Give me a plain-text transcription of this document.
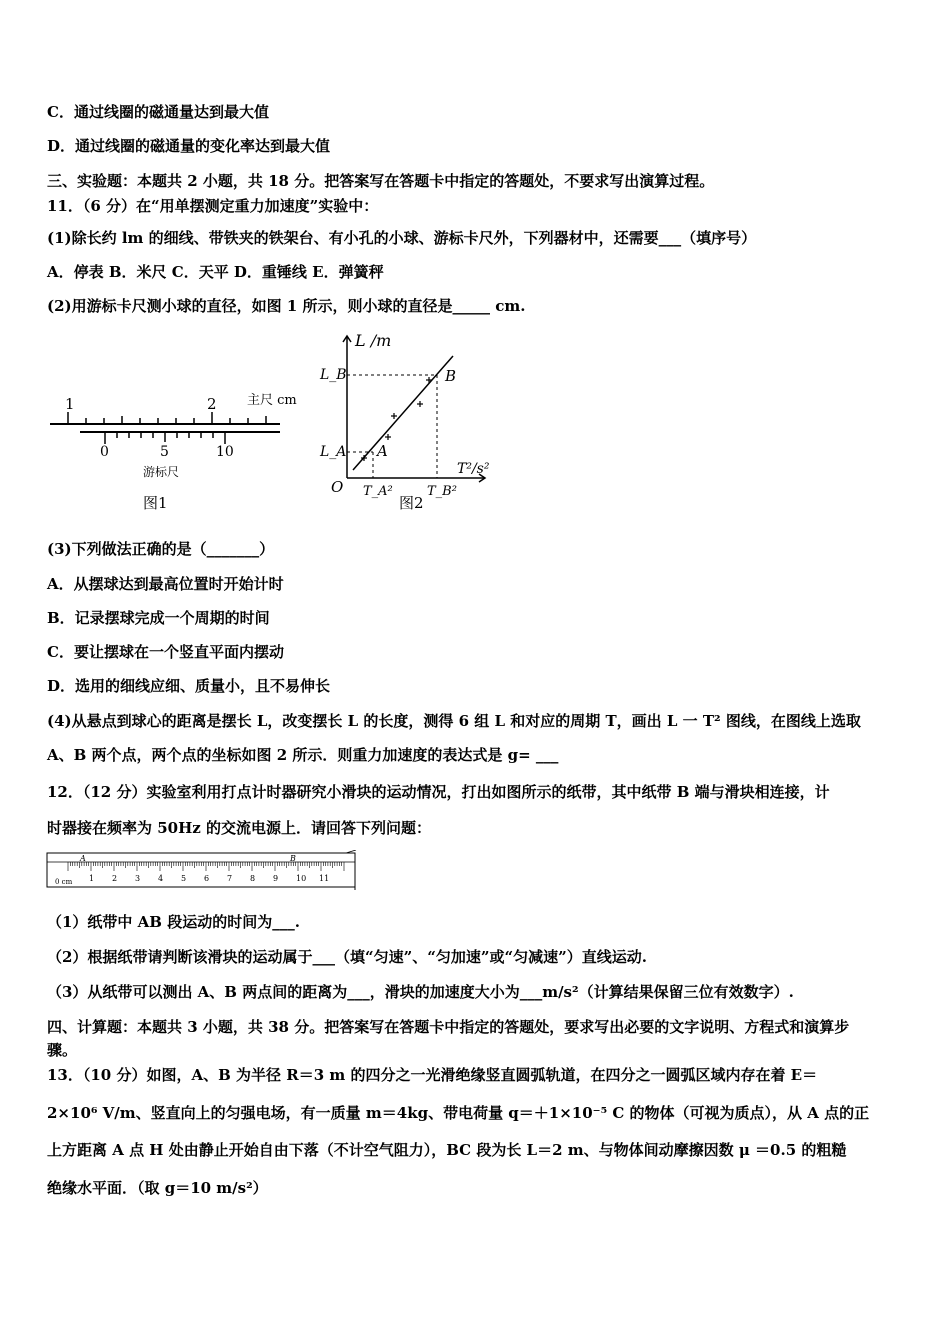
C．通过线圈的磁通量达到最大值
D．通过线圈的磁通量的变化率达到最大值
三、实验题：本题共 2 小题，共 18 分。把答案写在答题卡中指定的答题处，不要求写出演算过程。
11．（6 分）在“用单摆测定重力加速度”实验中：
(1)除长约 lm 的细线、带铁夹的铁架台、有小孔的小球、游标卡尺外，下列器材中，还需要___（填序号）
A．停表 B．米尺 C．天平 D．重锤线 E．弹簧秤
(2)用游标卡尺测小球的直径，如图 1 所示，则小球的直径是_____ cm.
1	2 主尺 cm
0	5	10
游标尺
图1
L /m
T²/s²
O
L_B
L_A A
B
T_A²	T_B²
图2
(3)下列做法正确的是（_______）
A．从摆球达到最高位置时开始计时
B．记录摆球完成一个周期的时间
C．要让摆球在一个竖直平面内摆动
D．选用的细线应细、质量小，且不易伸长
(4)从悬点到球心的距离是摆长 L，改变摆长 L 的长度，测得 6 组 L 和对应的周期 T，画出 L 一 T² 图线，在图线上选取
A、B 两个点，两个点的坐标如图 2 所示．则重力加速度的表达式是 g= ___
12．（12 分）实验室利用打点计时器研究小滑块的运动情况，打出如图所示的纸带，其中纸带 B 端与滑块相连接，计
时器接在频率为 50Hz 的交流电源上．请回答下列问题：
A	B
0 cm 1 2 3 4 5 6 7 8 9 10 11
（1）纸带中 AB 段运动的时间为___.
（2）根据纸带请判断该滑块的运动属于___（填“匀速”、“匀加速”或“匀减速”）直线运动.
（3）从纸带可以测出 A、B 两点间的距离为___，滑块的加速度大小为___m/s²（计算结果保留三位有效数字）.
四、计算题：本题共 3 小题，共 38 分。把答案写在答题卡中指定的答题处，要求写出必要的文字说明、方程式和演算步
骤。
13．（10 分）如图，A、B 为半径 R＝3 m 的四分之一光滑绝缘竖直圆弧轨道，在四分之一圆弧区域内存在着 E＝
2×10⁶ V/m、竖直向上的匀强电场，有一质量 m＝4kg、带电荷量 q＝＋1×10⁻⁵ C 的物体（可视为质点），从 A 点的正
上方距离 A 点 H 处由静止开始自由下落（不计空气阻力），BC 段为长 L＝2 m、与物体间动摩擦因数 μ ＝0.5 的粗糙
绝缘水平面．（取 g＝10 m/s²）
